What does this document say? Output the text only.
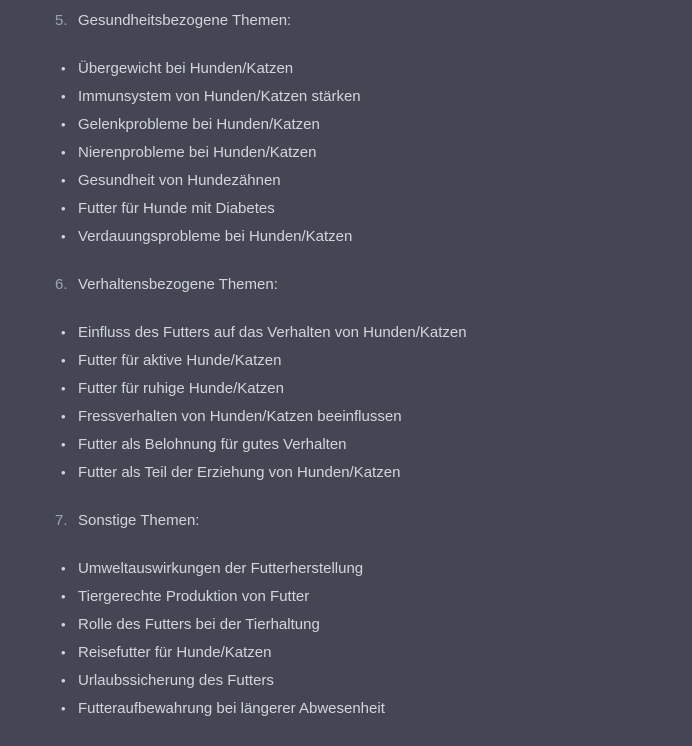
5. Gesundheitsbezogene Themen:
• Übergewicht bei Hunden/Katzen
• Immunsystem von Hunden/Katzen stärken
• Gelenkprobleme bei Hunden/Katzen
• Nierenprobleme bei Hunden/Katzen
• Gesundheit von Hundezähnen
• Futter für Hunde mit Diabetes
• Verdauungsprobleme bei Hunden/Katzen
6. Verhaltensbezogene Themen:
• Einfluss des Futters auf das Verhalten von Hunden/Katzen
• Futter für aktive Hunde/Katzen
• Futter für ruhige Hunde/Katzen
• Fressverhalten von Hunden/Katzen beeinflussen
• Futter als Belohnung für gutes Verhalten
• Futter als Teil der Erziehung von Hunden/Katzen
7. Sonstige Themen:
• Umweltauswirkungen der Futterherstellung
• Tiergerechte Produktion von Futter
• Rolle des Futters bei der Tierhaltung
• Reisefutter für Hunde/Katzen
• Urlaubssicherung des Futters
• Futteraufbewahrung bei längerer Abwesenheit
